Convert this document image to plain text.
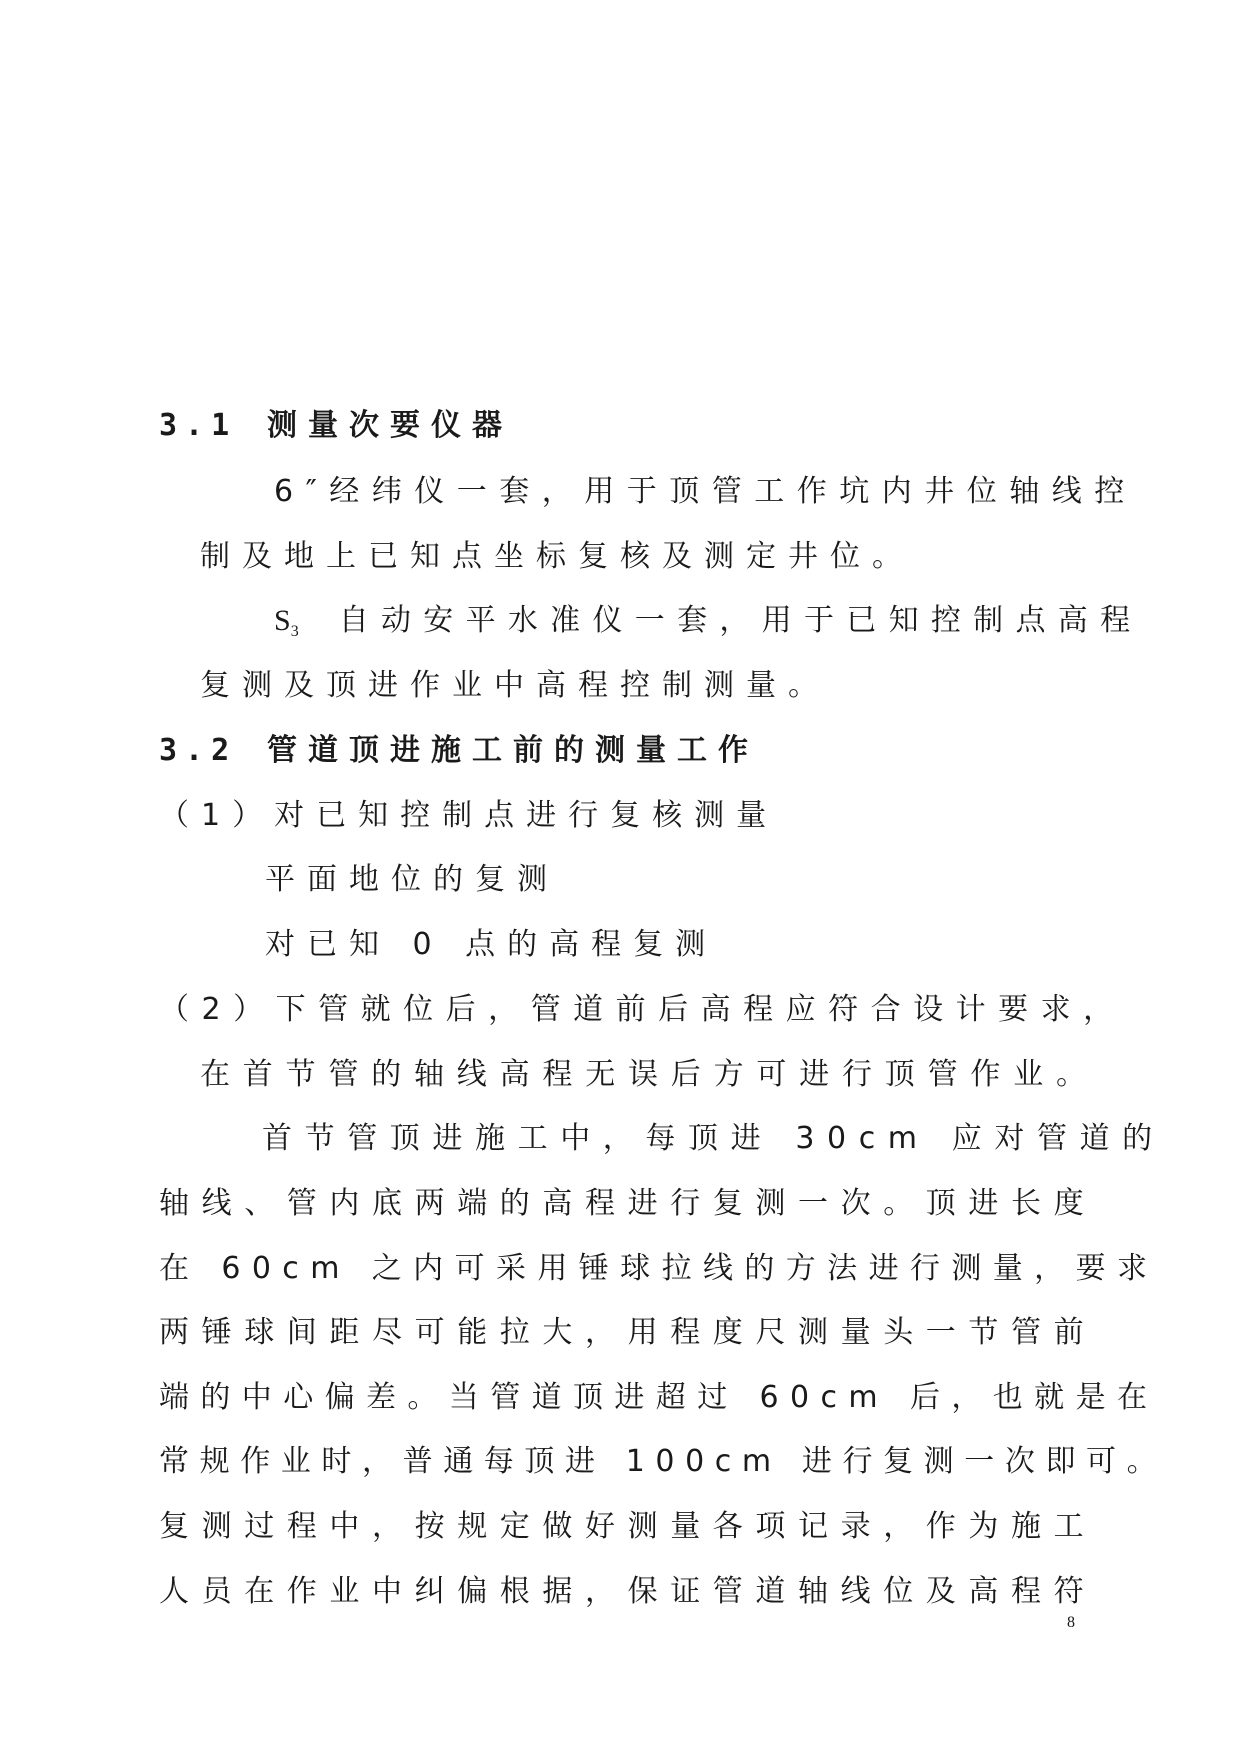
3.1 测量次要仪器
6″经纬仪一套，用于顶管工作坑内井位轴线控
制及地上已知点坐标复核及测定井位。
$S_3$ 自动安平水准仪一套，用于已知控制点高程
复测及顶进作业中高程控制测量。
3.2 管道顶进施工前的测量工作
（1）对已知控制点进行复核测量
平面地位的复测
对已知 0 点的高程复测
（2）下管就位后，管道前后高程应符合设计要求，
在首节管的轴线高程无误后方可进行顶管作业。
首节管顶进施工中，每顶进 30cm 应对管道的
轴线、管内底两端的高程进行复测一次。顶进长度
在 60cm 之内可采用锤球拉线的方法进行测量，要求
两锤球间距尽可能拉大，用程度尺测量头一节管前
端的中心偏差。当管道顶进超过 60cm 后，也就是在
常规作业时，普通每顶进 100cm 进行复测一次即可。
复测过程中，按规定做好测量各项记录，作为施工
人员在作业中纠偏根据，保证管道轴线位及高程符
8
